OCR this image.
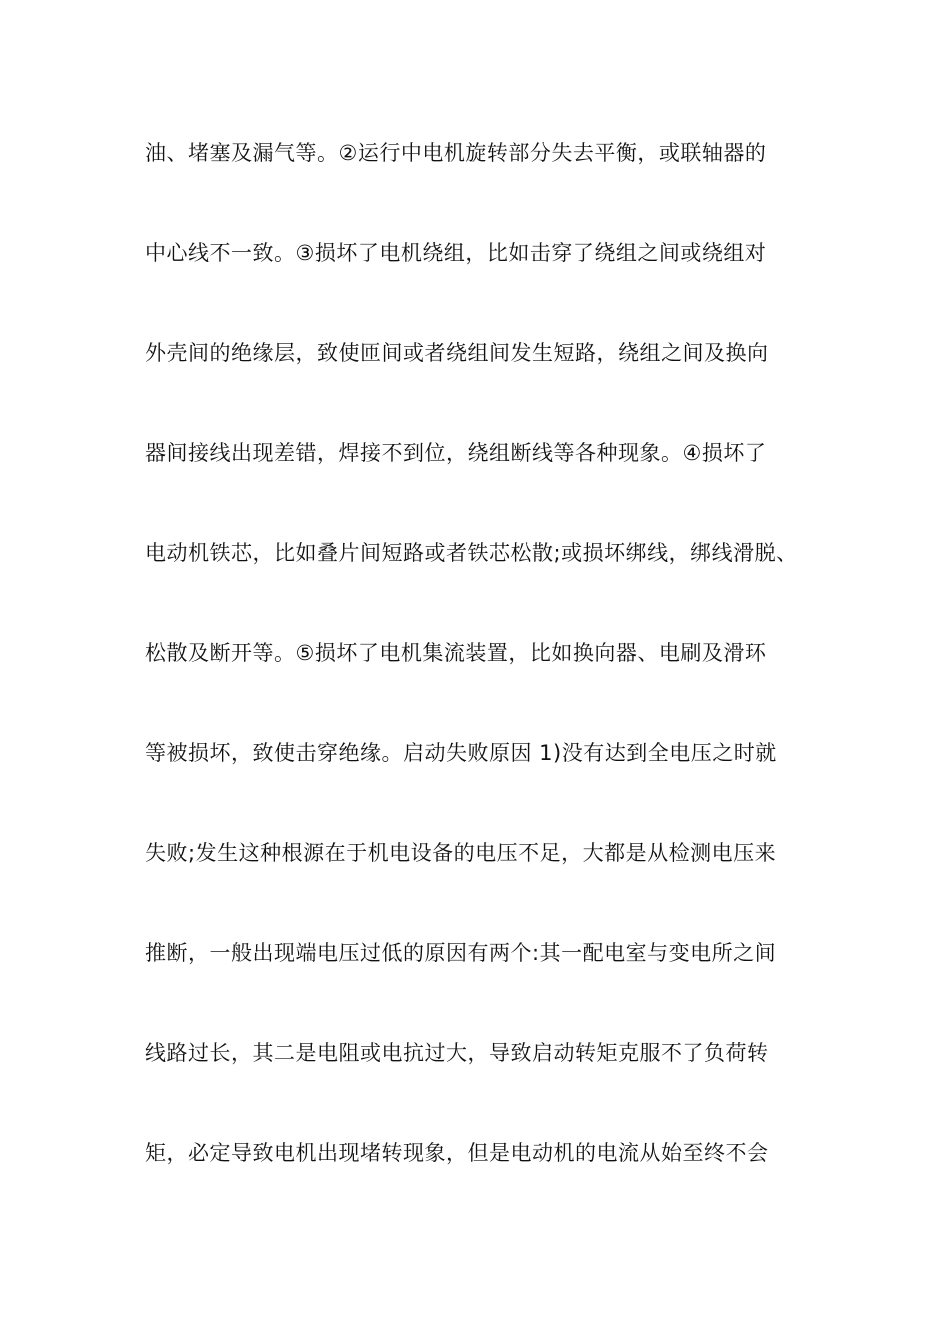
油、堵塞及漏气等。②运行中电机旋转部分失去平衡，或联轴器的
中心线不一致。③损坏了电机绕组，比如击穿了绕组之间或绕组对
外壳间的绝缘层，致使匝间或者绕组间发生短路，绕组之间及换向
器间接线出现差错，焊接不到位，绕组断线等各种现象。④损坏了
电动机铁芯，比如叠片间短路或者铁芯松散;或损坏绑线，绑线滑脱、
松散及断开等。⑤损坏了电机集流装置，比如换向器、电刷及滑环
等被损坏，致使击穿绝缘。启动失败原因 1)没有达到全电压之时就
失败;发生这种根源在于机电设备的电压不足，大都是从检测电压来
推断，一般出现端电压过低的原因有两个:其一配电室与变电所之间
线路过长，其二是电阻或电抗过大，导致启动转矩克服不了负荷转
矩，必定导致电机出现堵转现象，但是电动机的电流从始至终不会
